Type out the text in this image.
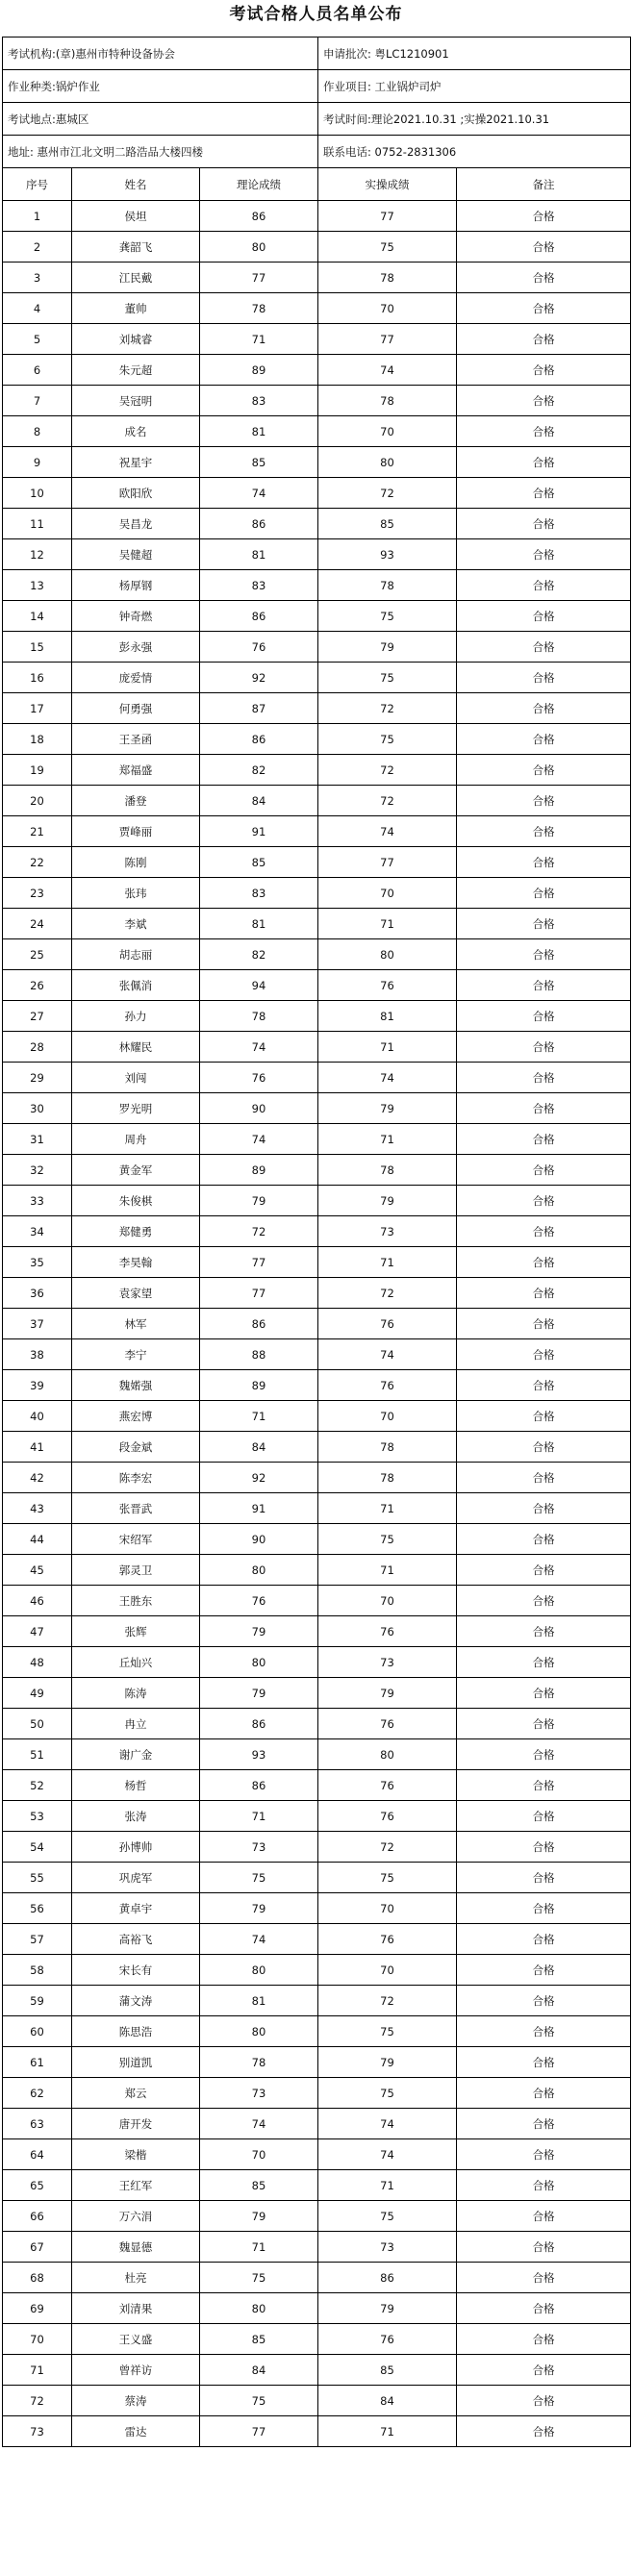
考试合格人员名单公布
考试机构:(章)惠州市特种设备协会			申请批次: 粤LC1210901	
作业种类:锅炉作业			作业项目: 工业锅炉司炉	
考试地点:惠城区			考试时间:理论2021.10.31 ;实操2021.10.31	
地址: 惠州市江北文明二路浩品大楼四楼			联系电话: 0752-2831306	
序号	姓名	理论成绩	实操成绩	备注
1	侯坦	86	77	合格
2	龚韶飞	80	75	合格
3	江民戴	77	78	合格
4	董帅	78	70	合格
5	刘城睿	71	77	合格
6	朱元超	89	74	合格
7	吴冠明	83	78	合格
8	成名	81	70	合格
9	祝星宇	85	80	合格
10	欧阳欣	74	72	合格
11	吴昌龙	86	85	合格
12	吴健超	81	93	合格
13	杨厚钢	83	78	合格
14	钟奇燃	86	75	合格
15	彭永强	76	79	合格
16	庞爱情	92	75	合格
17	何勇强	87	72	合格
18	王圣函	86	75	合格
19	郑福盛	82	72	合格
20	潘登	84	72	合格
21	贾峰丽	91	74	合格
22	陈刚	85	77	合格
23	张玮	83	70	合格
24	李斌	81	71	合格
25	胡志丽	82	80	合格
26	张佩消	94	76	合格
27	孙力	78	81	合格
28	林耀民	74	71	合格
29	刘闯	76	74	合格
30	罗光明	90	79	合格
31	周舟	74	71	合格
32	黄金军	89	78	合格
33	朱俊棋	79	79	合格
34	郑健勇	72	73	合格
35	李昊翰	77	71	合格
36	袁家望	77	72	合格
37	林军	86	76	合格
38	李宁	88	74	合格
39	魏婼强	89	76	合格
40	燕宏博	71	70	合格
41	段金斌	84	78	合格
42	陈李宏	92	78	合格
43	张晋武	91	71	合格
44	宋绍军	90	75	合格
45	郭灵卫	80	71	合格
46	王胜东	76	70	合格
47	张辉	79	76	合格
48	丘灿兴	80	73	合格
49	陈涛	79	79	合格
50	冉立	86	76	合格
51	谢广金	93	80	合格
52	杨哲	86	76	合格
53	张涛	71	76	合格
54	孙博帅	73	72	合格
55	巩虎军	75	75	合格
56	黄卓宇	79	70	合格
57	高裕飞	74	76	合格
58	宋长有	80	70	合格
59	蒲文涛	81	72	合格
60	陈思浩	80	75	合格
61	别道凯	78	79	合格
62	郑云	73	75	合格
63	唐开发	74	74	合格
64	梁楷	70	74	合格
65	王红军	85	71	合格
66	万六涓	79	75	合格
67	魏显德	71	73	合格
68	杜亮	75	86	合格
69	刘清果	80	79	合格
70	王义盛	85	76	合格
71	曾祥访	84	85	合格
72	蔡涛	75	84	合格
73	雷达	77	71	合格
